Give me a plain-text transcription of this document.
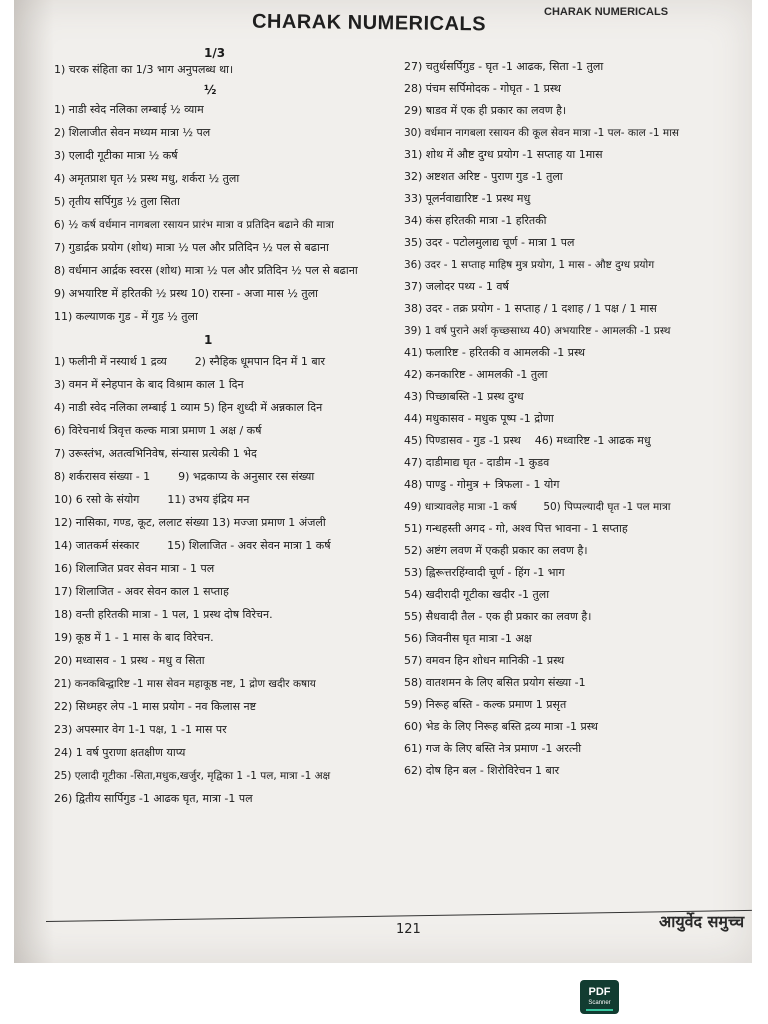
CHARAK NUMERICALS	CHARAK NUMERICALS
1/3

1) चरक संहिता का 1/3 भाग अनुपलब्ध था।

½

1) नाडी स्वेद नलिका लम्बाई ½ व्याम

2) शिलाजीत सेवन मध्यम मात्रा ½ पल

3) एलादी गूटीका मात्रा ½ कर्ष

4) अमृतप्राश घृत ½ प्रस्थ मधु, शर्करा ½ तुला

5) तृतीय सर्पिगुड ½ तुला सिता

6) ½ कर्ष वर्धमान नागबला रसायन प्रारंभ मात्रा व प्रतिदिन बढाने की मात्रा

7) गुडार्द्रक प्रयोग (शोथ) मात्रा ½ पल और प्रतिदिन ½ पल से बढाना

8) वर्धमान आर्द्रक स्वरस (शोथ) मात्रा ½ पल और प्रतिदिन ½ पल से बढाना

9) अभयारिष्ट में हरितकी ½ प्रस्थ 10) रास्ना - अजा मास ½ तुला

11) कल्याणक गुड - में गुड ½ तुला

1

1) फलीनी में नस्यार्थ 1 द्रव्य        2) स्नैहिक धूमपान दिन में 1 बार

3) वमन में स्नेहपान के बाद विश्राम काल 1 दिन

4) नाडी स्वेद नलिका लम्बाई 1 व्याम 5) हिन शुध्दी में अन्नकाल दिन

6) विरेचनार्थ त्रिवृत्त कल्क मात्रा प्रमाण 1 अक्ष / कर्ष

7) उरूस्तंभ, अतत्वभिनिवेष, संन्यास प्रत्येकी 1 भेद

8) शर्करासव संख्या - 1        9) भद्रकाप्य के अनुसार रस संख्या

10) 6 रसो के संयोग        11) उभय इंद्रिय मन

12) नासिका, गण्ड, कूट, ललाट संख्या 13) मज्जा प्रमाण 1 अंजली

14) जातकर्म संस्कार        15) शिलाजित - अवर सेवन मात्रा 1 कर्ष

16) शिलाजित प्रवर सेवन मात्रा - 1 पल

17) शिलाजित - अवर सेवन काल 1 सप्ताह

18) वन्ती हरितकी मात्रा - 1 पल, 1 प्रस्थ दोष विरेचन.

19) कूष्ठ में 1 - 1 मास के बाद विरेचन.

20) मध्वासव - 1 प्रस्थ - मधु व सिता

21) कनकबिन्द्वारिष्ट -1 मास सेवन महाकूष्ठ नष्ट, 1 द्रोण खदीर कषाय

22) सिध्महर लेप -1 मास प्रयोग - नव किलास नष्ट

23) अपस्मार वेग 1-1 पक्ष, 1 -1 मास पर

24) 1 वर्ष पुराणा क्षतक्षीण याप्य

25) एलादी गूटीका -सिता,मधुक,खर्जुर, मृद्विका 1 -1 पल, मात्रा -1 अक्ष

26) द्वितीय सार्पिगुड -1 आढक घृत, मात्रा -1 पल

27) चतुर्थसर्पिगुड - घृत -1 आढक, सिता -1 तुला

28) पंचम सर्पिमोदक - गोघृत - 1 प्रस्थ

29) षाडव में एक ही प्रकार का लवण है।

30) वर्धमान नागबला रसायन की कूल सेवन मात्रा -1 पल- काल -1 मास

31) शोथ में औष्ट दुग्ध प्रयोग -1 सप्ताह या 1मास

32) अष्टशत अरिष्ट - पुराण गुड -1 तुला

33) पूलर्नवाद्यारिष्ट -1 प्रस्थ मधु

34) कंस हरितकी मात्रा -1 हरितकी

35) उदर - पटोलमुलाद्य चूर्ण - मात्रा 1 पल

36) उदर - 1 सप्ताह माहिष मुत्र प्रयोग, 1 मास - औष्ट दुग्ध प्रयोग

37) जलोदर पथ्य - 1 वर्ष

38) उदर - तक्र प्रयोग - 1 सप्ताह / 1 दशाह / 1 पक्ष / 1 मास

39) 1 वर्ष पुराने अर्श कृच्छसाध्य 40) अभयारिष्ट - आमलकी -1 प्रस्थ

41) फलारिष्ट - हरितकी व आमलकी -1 प्रस्थ

42) कनकारिष्ट - आमलकी -1 तुला

43) पिच्छाबस्ति -1 प्रस्थ दुग्ध

44) मधुकासव - मधुक पूष्प -1 द्रोणा

45) पिण्डासव - गुड -1 प्रस्थ    46) मध्वारिष्ट -1 आढक मधु

47) दाडीमाद्य घृत - दाडीम -1 कुडव

48) पाण्डु - गोमुत्र + त्रिफला - 1 योग

49) धात्र्यावलेह मात्रा -1 कर्ष        50) पिप्पल्यादी घृत -1 पल मात्रा

51) गन्धहस्ती अगद - गो, अश्व पित्त भावना - 1 सप्ताह

52) अष्टंग लवण में एकही प्रकार का लवण है।

53) ह्विरूत्तरहिंग्वादी चूर्ण - हिंग -1 भाग

54) खदीरादी गूटीका खदीर -1 तुला

55) सैधवादी तैल - एक ही प्रकार का लवण है।

56) जिवनीस घृत मात्रा -1 अक्ष

57) वमवन हिन शोधन मानिकी -1 प्रस्थ

58) वातशमन के लिए बसित प्रयोग संख्या -1

59) निरूह बस्ति - कल्क प्रमाण 1 प्रसृत

60) भेड के लिए निरूह बस्ति द्रव्य मात्रा -1 प्रस्थ

61) गज के लिए बस्ति नेत्र प्रमाण -1 अरत्नी

62) दोष हिन बल - शिरोविरेचन 1 बार

121	आयुर्वेद समुच्च
PDF
Scanner
